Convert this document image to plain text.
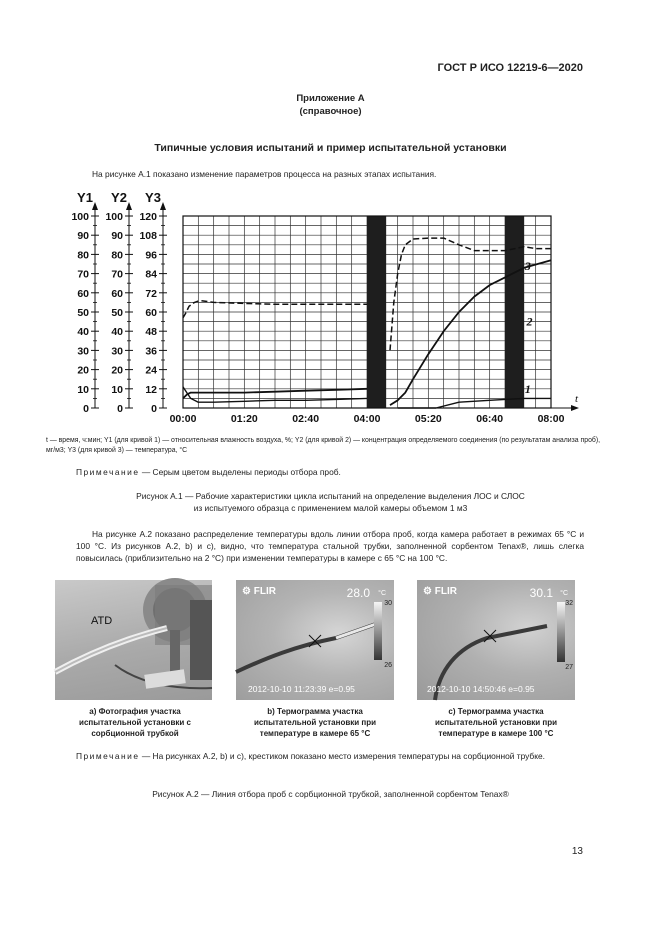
ГОСТ Р ИСО 12219-6—2020
Приложение А
(справочное)
Типичные условия испытаний и пример испытательной установки
На рисунке А.1 показано изменение параметров процесса на разных этапах испытания.
Y1
100
90
80
70
60
50
40
30
20
10
0
Y2
100
90
80
70
60
50
40
30
20
10
0
Y3
120
108
96
84
72
60
48
36
24
12
0
00:00	01:20	02:40	04:00	05:20	06:40	08:00
t
1
2
3
t — время, ч:мин; Y1 (для кривой 1) — относительная влажность воздуха, %; Y2 (для кривой 2) — концентрация определяемого соединения (по результатам анализа проб), мг/м3; Y3 (для кривой 3) — температура, °С
Примечание — Серым цветом выделены периоды отбора проб.
Рисунок А.1 — Рабочие характеристики цикла испытаний на определение выделения ЛОС и СЛОС
из испытуемого образца с применением малой камеры объемом 1 м3
На рисунке А.2 показано распределение температуры вдоль линии отбора проб, когда камера работает в режимах 65 °С и 100 °С. Из рисунков А.2, b) и с), видно, что температура стальной трубки, заполненной сорбентом Tenax®, лишь слегка повысилась (приблизительно на 2 °С) при изменении температуры в камере с 65 °С на 100 °С.
ATD
a) Фотография участка испытательной установки с сорбционной трубкой
⚙ FLIR	28.0 °C
30
26
2012-10-10 11:23:39 e=0.95
b) Термограмма участка испытательной установки при температуре в камере 65 °С
⚙ FLIR	30.1 °C
32
27
2012-10-10 14:50:46 e=0.95
c) Термограмма участка испытательной установки при температуре в камере 100 °С
Примечание — На рисунках А.2, b) и с), крестиком показано место измерения температуры на сорбционной трубке.
Рисунок А.2 — Линия отбора проб с сорбционной трубкой, заполненной сорбентом Tenax®
13
